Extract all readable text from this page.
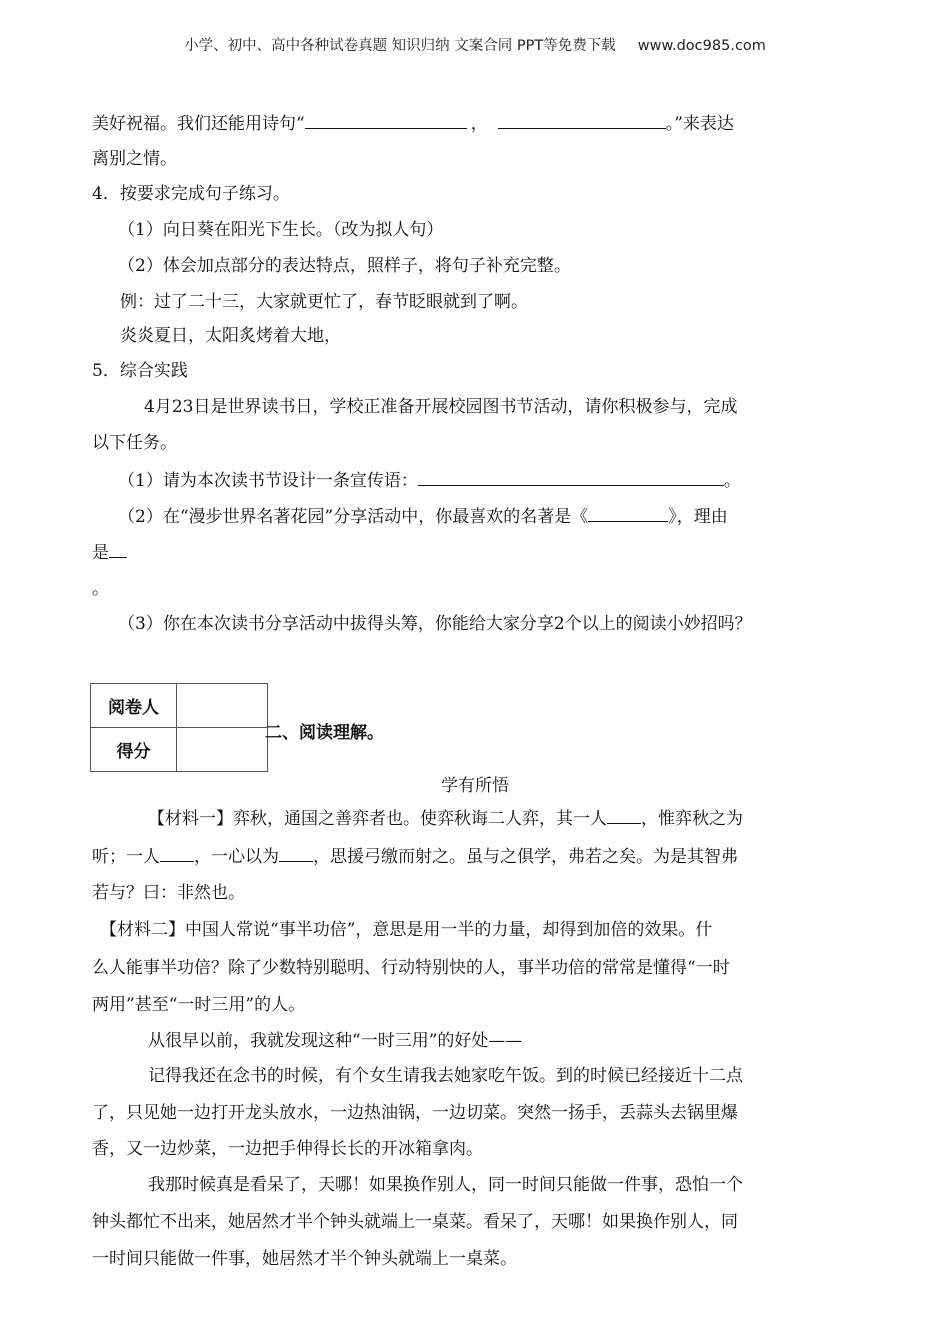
小学、初中、高中各种试卷真题 知识归纳 文案合同 PPT等免费下载 www.doc985.com
美好祝福。我们还能用诗句“	，	。”来表达
离别之情。
4．按要求完成句子练习。
（1）向日葵在阳光下生长。（改为拟人句）
（2）体会加点部分的表达特点，照样子，将句子补充完整。
例：过了二十三，大家就更忙了，春节眨眼就到了啊。
炎炎夏日，太阳炙烤着大地，
5．综合实践
4月23日是世界读书日，学校正准备开展校园图书节活动，请你积极参与，完成
以下任务。
（1）请为本次读书节设计一条宣传语：	。
（2）在“漫步世界名著花园”分享活动中，你最喜欢的名著是《	》，理由
是
。
（3）你在本次读书分享活动中拔得头筹，你能给大家分享2个以上的阅读小妙招吗？
阅卷人	
得分	
二、阅读理解。
学有所悟
【材料一】弈秋，通国之善弈者也。使弈秋诲二人弈，其一人 ，惟弈秋之为
听；一人 ，一心以为 ，思援弓缴而射之。虽与之俱学，弗若之矣。为是其智弗
若与？曰：非然也。
【材料二】中国人常说“事半功倍”，意思是用一半的力量，却得到加倍的效果。什
么人能事半功倍？除了少数特别聪明、行动特别快的人，事半功倍的常常是懂得“一时
两用”甚至“一时三用”的人。
从很早以前，我就发现这种“一时三用”的好处——
记得我还在念书的时候，有个女生请我去她家吃午饭。到的时候已经接近十二点
了，只见她一边打开龙头放水，一边热油锅，一边切菜。突然一扬手，丢蒜头去锅里爆
香，又一边炒菜，一边把手伸得长长的开冰箱拿肉。
我那时候真是看呆了，天哪！如果换作别人，同一时间只能做一件事，恐怕一个
钟头都忙不出来，她居然才半个钟头就端上一桌菜。看呆了，天哪！如果换作别人，同
一时间只能做一件事，她居然才半个钟头就端上一桌菜。
